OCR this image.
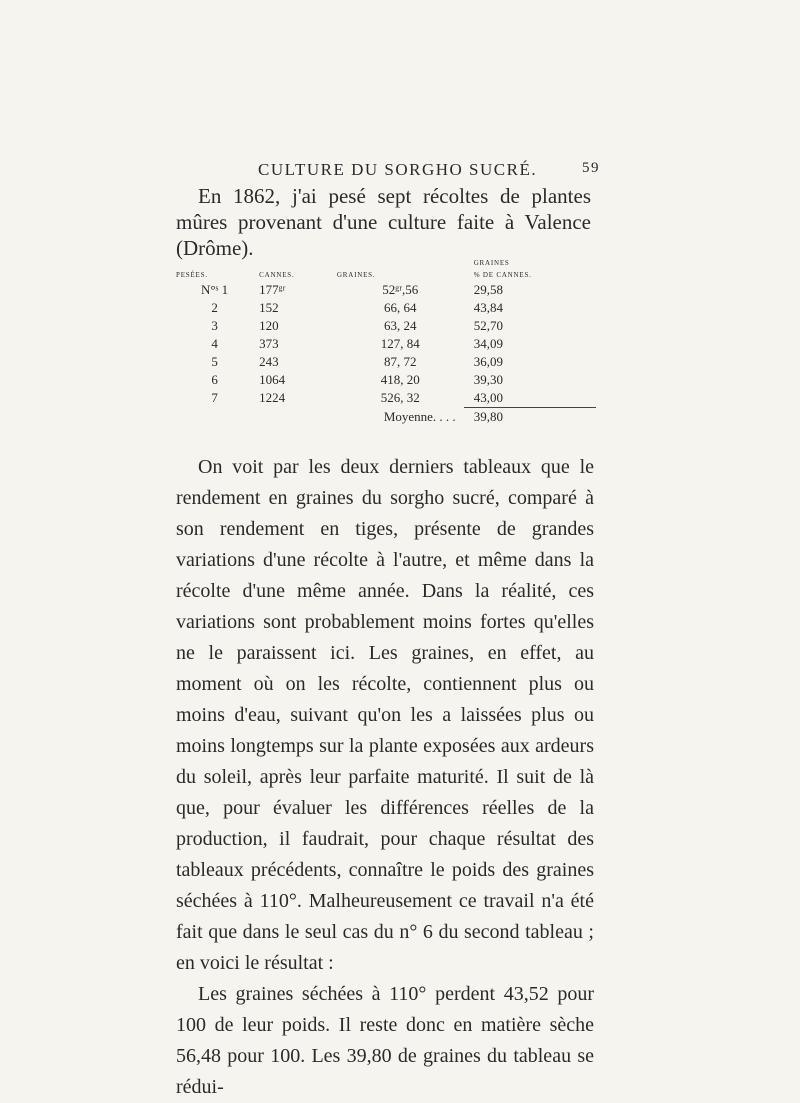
CULTURE DU SORGHO SUCRÉ.	59

En 1862, j'ai pesé sept récoltes de plantes mûres provenant d'une culture faite à Valence (Drôme).

			GRAINES
PESÉES.	CANNES.	GRAINES.	% DE CANNES.
N°ˢ 1	177ᵍʳ	52ᵍʳ,56	29,58
2	152	66, 64	43,84
3	120	63, 24	52,70
4	373	127, 84	34,09
5	243	87, 72	36,09
6	1064	418, 20	39,30
7	1224	526, 32	43,00
		Moyenne. . . .	39,80

On voit par les deux derniers tableaux que le rendement en graines du sorgho sucré, comparé à son rendement en tiges, présente de grandes variations d'une récolte à l'autre, et même dans la récolte d'une même année. Dans la réalité, ces variations sont probablement moins fortes qu'elles ne le paraissent ici. Les graines, en effet, au moment où on les récolte, contiennent plus ou moins d'eau, suivant qu'on les a laissées plus ou moins longtemps sur la plante exposées aux ardeurs du soleil, après leur parfaite maturité. Il suit de là que, pour évaluer les différences réelles de la production, il faudrait, pour chaque résultat des tableaux précédents, connaître le poids des graines séchées à 110°. Malheureusement ce travail n'a été fait que dans le seul cas du n° 6 du second tableau ; en voici le résultat :

Les graines séchées à 110° perdent 43,52 pour 100 de leur poids. Il reste donc en matière sèche 56,48 pour 100. Les 39,80 de graines du tableau se rédui-
